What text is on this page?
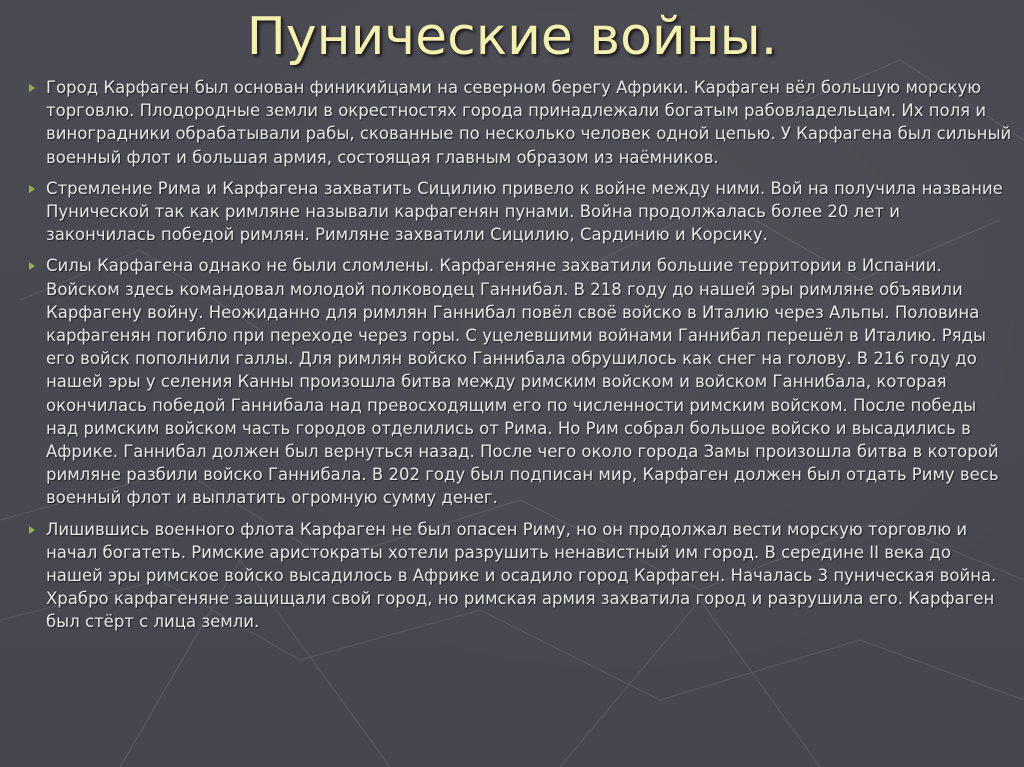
Пунические войны.
Город Карфаген был основан финикийцами на северном берегу Африки. Карфаген вёл большую морскую торговлю. Плодородные земли в окрестностях города принадлежали богатым рабовладельцам. Их поля и виноградники обрабатывали рабы, скованные по несколько человек одной цепью. У Карфагена был сильный военный флот и большая армия, состоящая главным образом из наёмников.
Стремление Рима и Карфагена захватить Сицилию привело к войне между ними. Вой на получила название Пунической так как римляне называли карфагенян пунами. Война продолжалась более 20 лет и закончилась победой римлян. Римляне захватили Сицилию, Сардинию и Корсику.
Силы Карфагена однако не были сломлены. Карфагеняне захватили большие территории в Испании. Войском здесь командовал молодой полководец Ганнибал. В 218 году до нашей эры римляне объявили Карфагену войну. Неожиданно для римлян Ганнибал повёл своё войско в Италию через Альпы. Половина карфагенян погибло при переходе через горы. С уцелевшими войнами Ганнибал перешёл в Италию. Ряды его войск пополнили галлы. Для римлян войско Ганнибала обрушилось как снег на голову. В 216 году до нашей эры у селения Канны произошла битва между римским войском и войском Ганнибала, которая окончилась победой Ганнибала над превосходящим его по численности римским войском. После победы над римским войском часть городов отделились от Рима. Но Рим собрал большое войско и высадились в Африке. Ганнибал должен был вернуться назад. После чего около города Замы произошла битва в которой римляне разбили войско Ганнибала. В 202 году был подписан мир, Карфаген должен был отдать Риму весь военный флот и выплатить огромную сумму денег.
Лишившись военного флота Карфаген не был опасен Риму, но он продолжал вести морскую торговлю и начал богатеть. Римские аристократы хотели разрушить ненавистный им город. В середине II века до нашей эры римское войско высадилось в Африке и осадило город Карфаген. Началась 3 пуническая война. Храбро карфагеняне защищали свой город, но римская армия захватила город и разрушила его. Карфаген был стёрт с лица земли.
